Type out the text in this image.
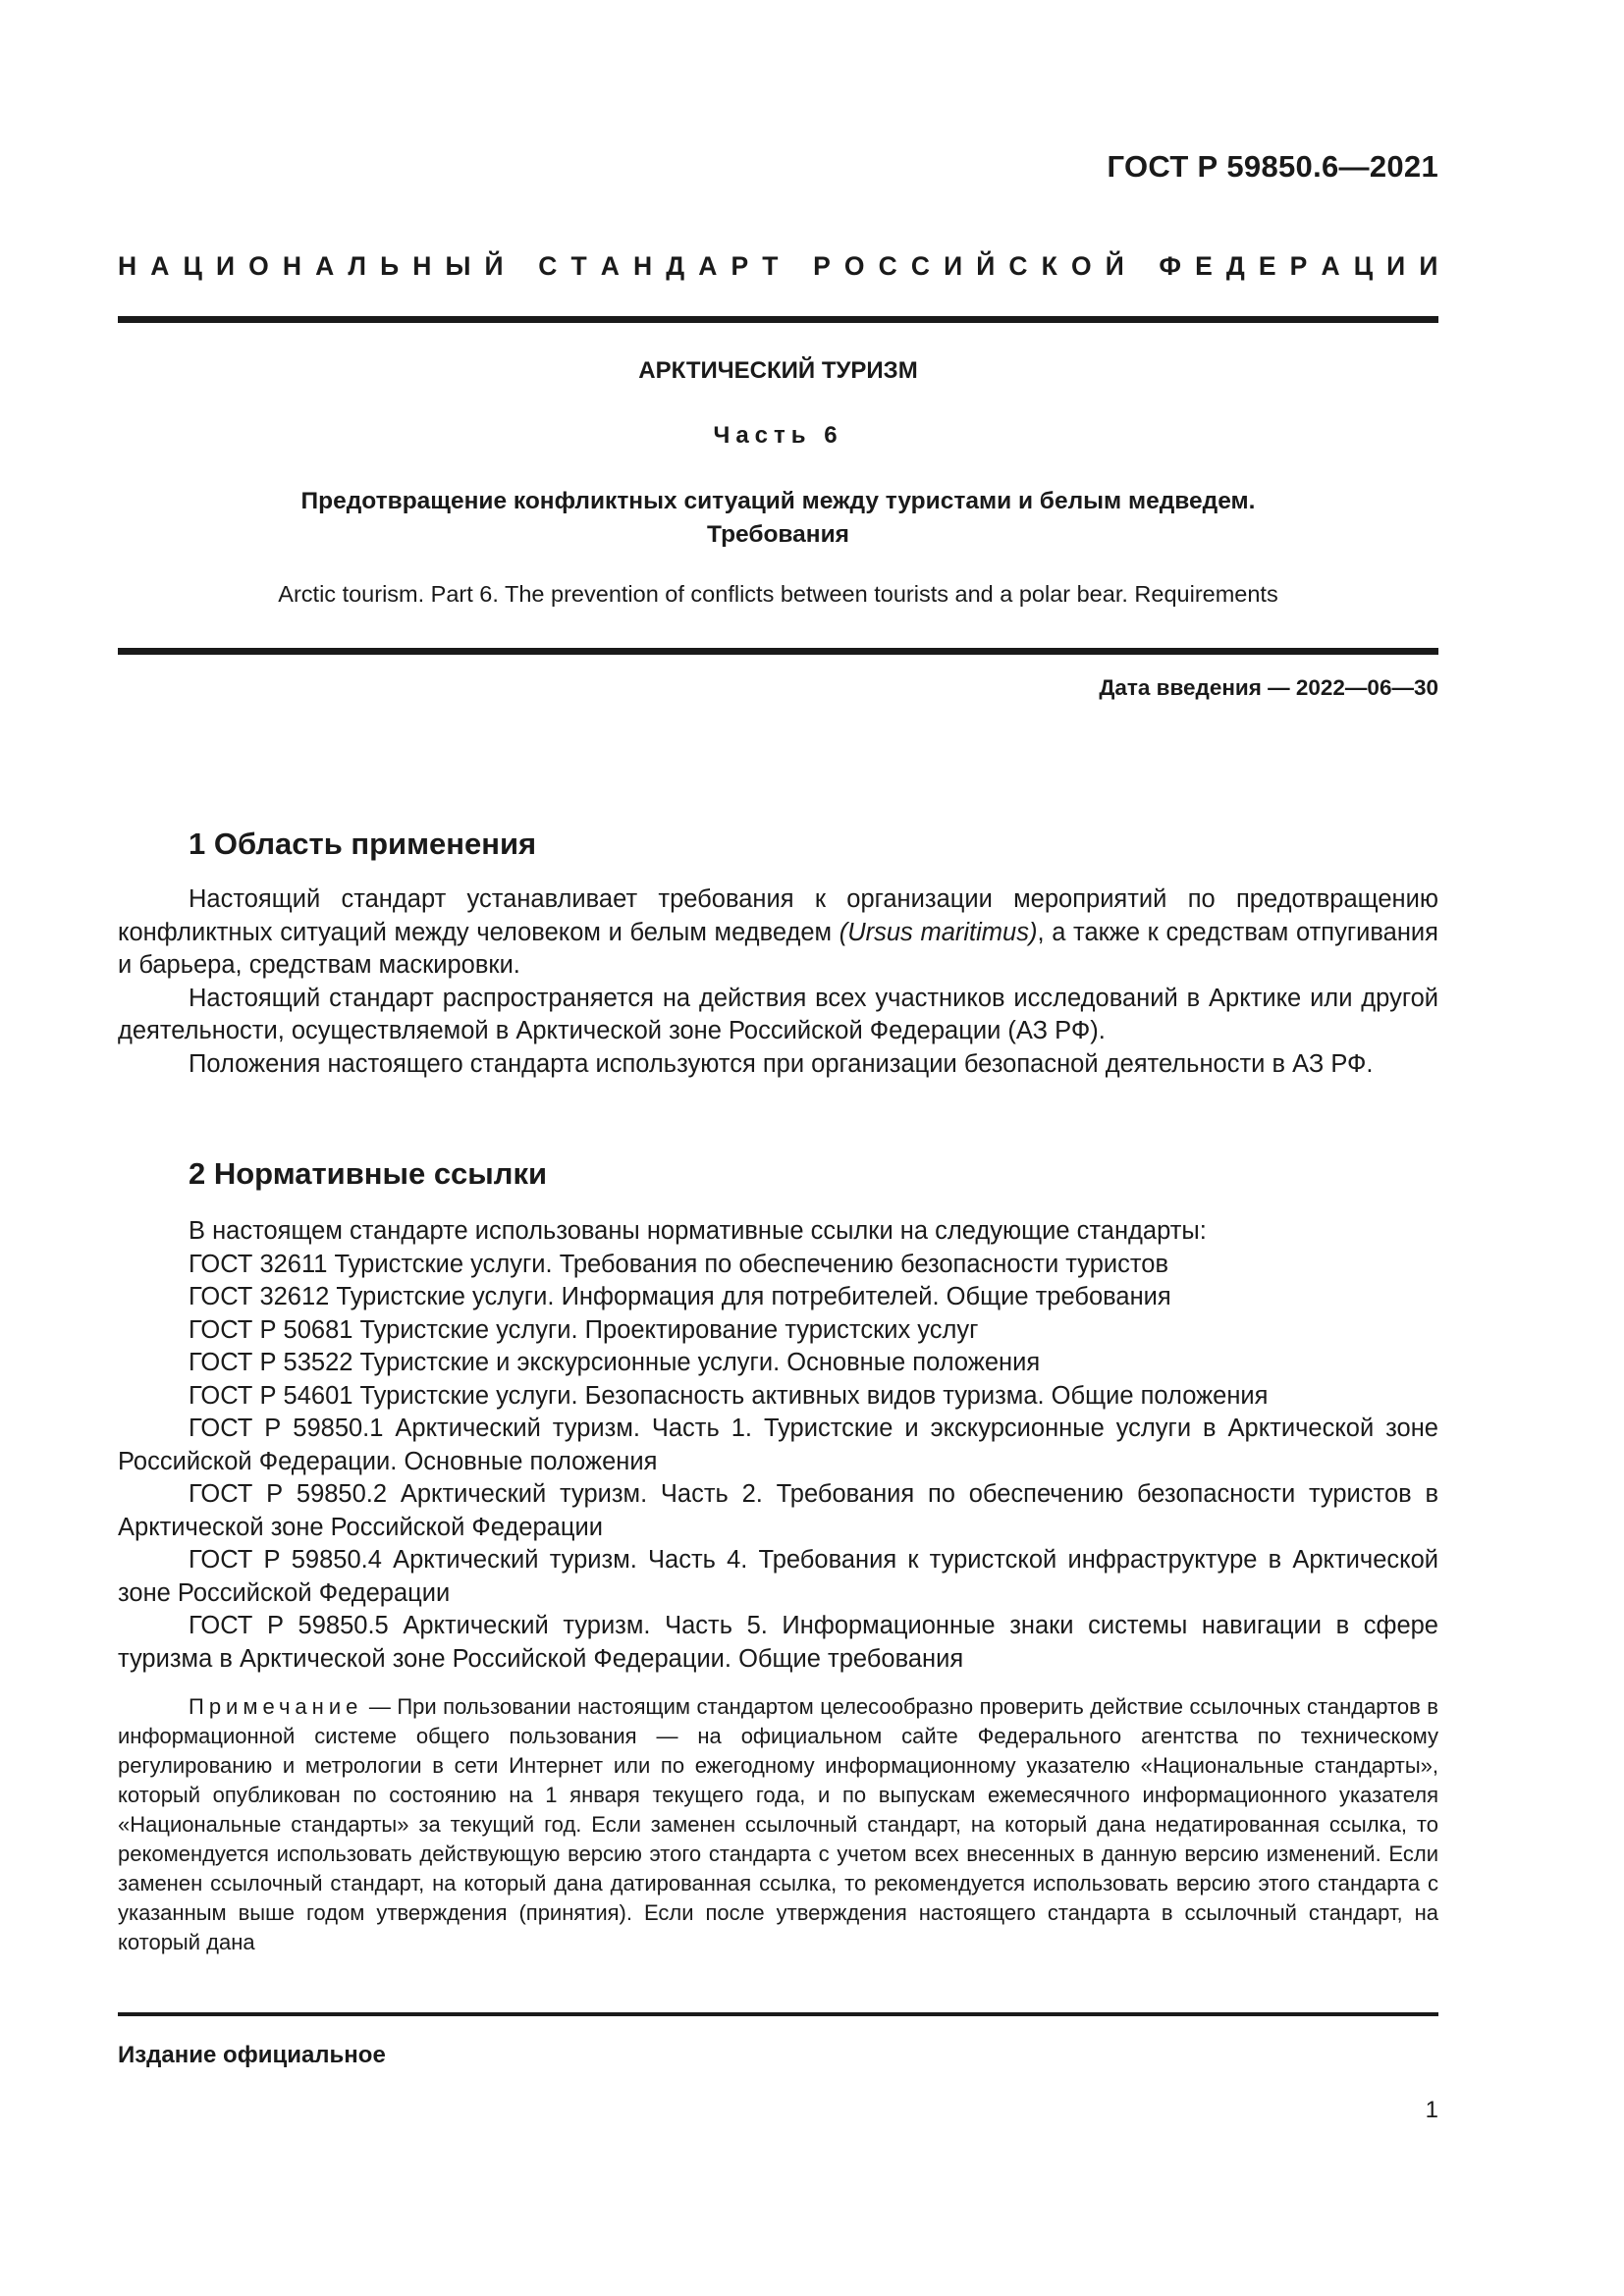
ГОСТ Р 59850.6—2021
Н А Ц И О Н А Л Ь Н Ы Й
С Т А Н Д А Р Т
Р О С С И Й С К О Й
Ф Е Д Е Р А Ц И И
АРКТИЧЕСКИЙ ТУРИЗМ
Часть 6
Предотвращение конфликтных ситуаций между туристами и белым медведем.
Требования
Arctic tourism. Part 6. The prevention of conflicts between tourists and a polar bear. Requirements
Дата введения — 2022—06—30
1 Область применения

Настоящий стандарт устанавливает требования к организации мероприятий по предотвращению конфликтных ситуаций между человеком и белым медведем (Ursus maritimus), а также к средствам отпугивания и барьера, средствам маскировки.

Настоящий стандарт распространяется на действия всех участников исследований в Арктике или другой деятельности, осуществляемой в Арктической зоне Российской Федерации (АЗ РФ).

Положения настоящего стандарта используются при организации безопасной деятельности в АЗ РФ.

2 Нормативные ссылки

В настоящем стандарте использованы нормативные ссылки на следующие стандарты:

ГОСТ 32611 Туристские услуги. Требования по обеспечению безопасности туристов

ГОСТ 32612 Туристские услуги. Информация для потребителей. Общие требования

ГОСТ Р 50681 Туристские услуги. Проектирование туристских услуг

ГОСТ Р 53522 Туристские и экскурсионные услуги. Основные положения

ГОСТ Р 54601 Туристские услуги. Безопасность активных видов туризма. Общие положения

ГОСТ Р 59850.1 Арктический туризм. Часть 1. Туристские и экскурсионные услуги в Арктической зоне Российской Федерации. Основные положения

ГОСТ Р 59850.2 Арктический туризм. Часть 2. Требования по обеспечению безопасности туристов в Арктической зоне Российской Федерации

ГОСТ Р 59850.4 Арктический туризм. Часть 4. Требования к туристской инфраструктуре в Арктической зоне Российской Федерации

ГОСТ Р 59850.5 Арктический туризм. Часть 5. Информационные знаки системы навигации в сфере туризма в Арктической зоне Российской Федерации. Общие требования

Примечание — При пользовании настоящим стандартом целесообразно проверить действие ссылочных стандартов в информационной системе общего пользования — на официальном сайте Федерального агентства по техническому регулированию и метрологии в сети Интернет или по ежегодному информационному указателю «Национальные стандарты», который опубликован по состоянию на 1 января текущего года, и по выпускам ежемесячного информационного указателя «Национальные стандарты» за текущий год. Если заменен ссылочный стандарт, на который дана недатированная ссылка, то рекомендуется использовать действующую версию этого стандарта с учетом всех внесенных в данную версию изменений. Если заменен ссылочный стандарт, на который дана датированная ссылка, то рекомендуется использовать версию этого стандарта с указанным выше годом утверждения (принятия). Если после утверждения настоящего стандарта в ссылочный стандарт, на который дана

Издание официальное
1
